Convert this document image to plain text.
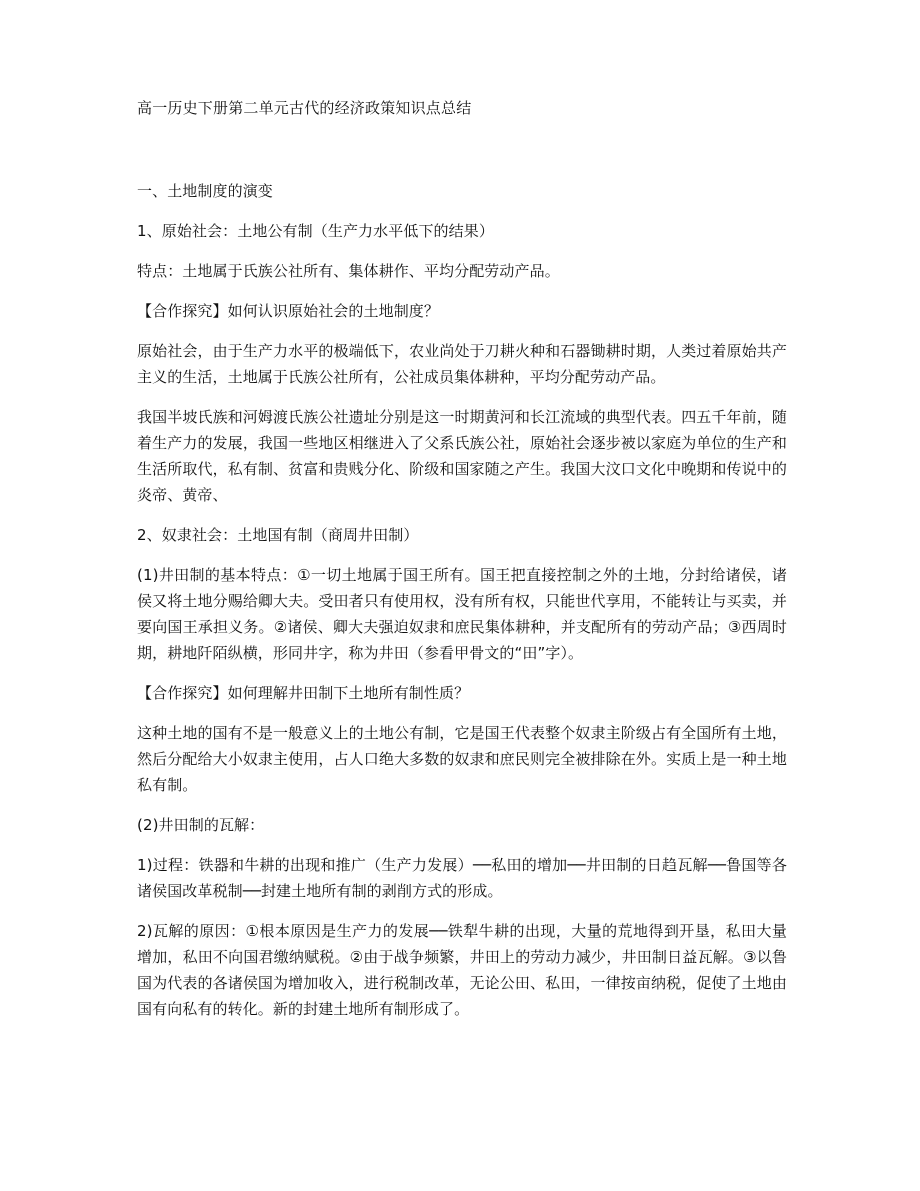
高一历史下册第二单元古代的经济政策知识点总结
一、土地制度的演变
1、原始社会：土地公有制（生产力水平低下的结果）
特点：土地属于氏族公社所有、集体耕作、平均分配劳动产品。
【合作探究】如何认识原始社会的土地制度？
原始社会，由于生产力水平的极端低下，农业尚处于刀耕火种和石器锄耕时期，人类过着原始共产主义的生活，土地属于氏族公社所有，公社成员集体耕种，平均分配劳动产品。
我国半坡氏族和河姆渡氏族公社遗址分别是这一时期黄河和长江流域的典型代表。四五千年前，随着生产力的发展，我国一些地区相继进入了父系氏族公社，原始社会逐步被以家庭为单位的生产和生活所取代，私有制、贫富和贵贱分化、阶级和国家随之产生。我国大汶口文化中晚期和传说中的炎帝、黄帝、
2、奴隶社会：土地国有制（商周井田制）
(1)井田制的基本特点：①一切土地属于国王所有。国王把直接控制之外的土地，分封给诸侯，诸侯又将土地分赐给卿大夫。受田者只有使用权，没有所有权，只能世代享用，不能转让与买卖，并要向国王承担义务。②诸侯、卿大夫强迫奴隶和庶民集体耕种，并支配所有的劳动产品；③西周时期，耕地阡陌纵横，形同井字，称为井田（参看甲骨文的“田”字）。
【合作探究】如何理解井田制下土地所有制性质？
这种土地的国有不是一般意义上的土地公有制，它是国王代表整个奴隶主阶级占有全国所有土地，然后分配给大小奴隶主使用，占人口绝大多数的奴隶和庶民则完全被排除在外。实质上是一种土地私有制。
(2)井田制的瓦解：
1)过程：铁器和牛耕的出现和推广（生产力发展）──私田的增加──井田制的日趋瓦解──鲁国等各诸侯国改革税制──封建土地所有制的剥削方式的形成。
2)瓦解的原因：①根本原因是生产力的发展──铁犁牛耕的出现，大量的荒地得到开垦，私田大量增加，私田不向国君缴纳赋税。②由于战争频繁，井田上的劳动力减少，井田制日益瓦解。③以鲁国为代表的各诸侯国为增加收入，进行税制改革，无论公田、私田，一律按亩纳税，促使了土地由国有向私有的转化。新的封建土地所有制形成了。
